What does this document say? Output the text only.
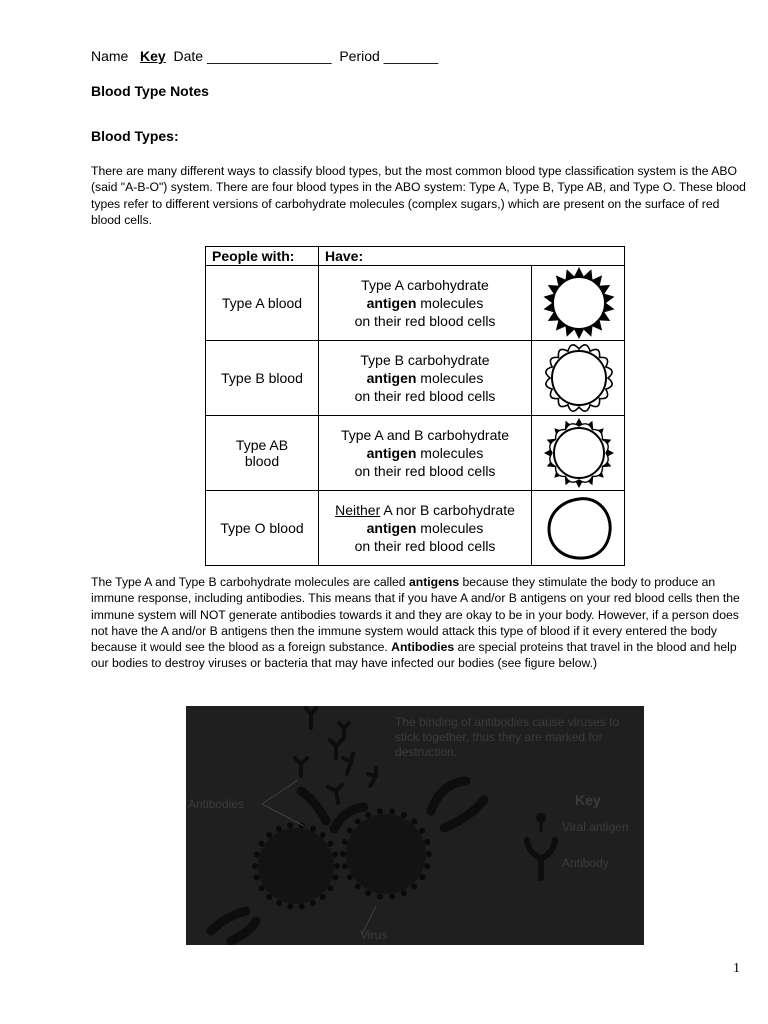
Name Key Date ________________ Period _______
Blood Type Notes
Blood Types:
There are many different ways to classify blood types, but the most common blood type classification system is the ABO (said "A-B-O") system. There are four blood types in the ABO system: Type A, Type B, Type AB, and Type O. These blood types refer to different versions of carbohydrate molecules (complex sugars,) which are present on the surface of red blood cells.
People with:	Have:	
Type A blood	Type A carbohydrate
antigen molecules
on their red blood cells

Type B blood	Type B carbohydrate
antigen molecules
on their red blood cells

Type AB blood	Type A and B carbohydrate
antigen molecules
on their red blood cells

Type O blood	Neither A nor B carbohydrate
antigen molecules
on their red blood cells

The Type A and Type B carbohydrate molecules are called antigens because they stimulate the body to produce an immune response, including antibodies. This means that if you have A and/or B antigens on your red blood cells then the immune system will NOT generate antibodies towards it and they are okay to be in your body. However, if a person does not have the A and/or B antigens then the immune system would attack this type of blood if it every entered the body because it would see the blood as a foreign substance. Antibodies are special proteins that travel in the blood and help our bodies to destroy viruses or bacteria that may have infected our bodies (see figure below.)
The binding of antibodies cause viruses to stick together, thus they are marked for destruction.
Antibodies
Virus
Key
Viral antigen
Antibody
1
